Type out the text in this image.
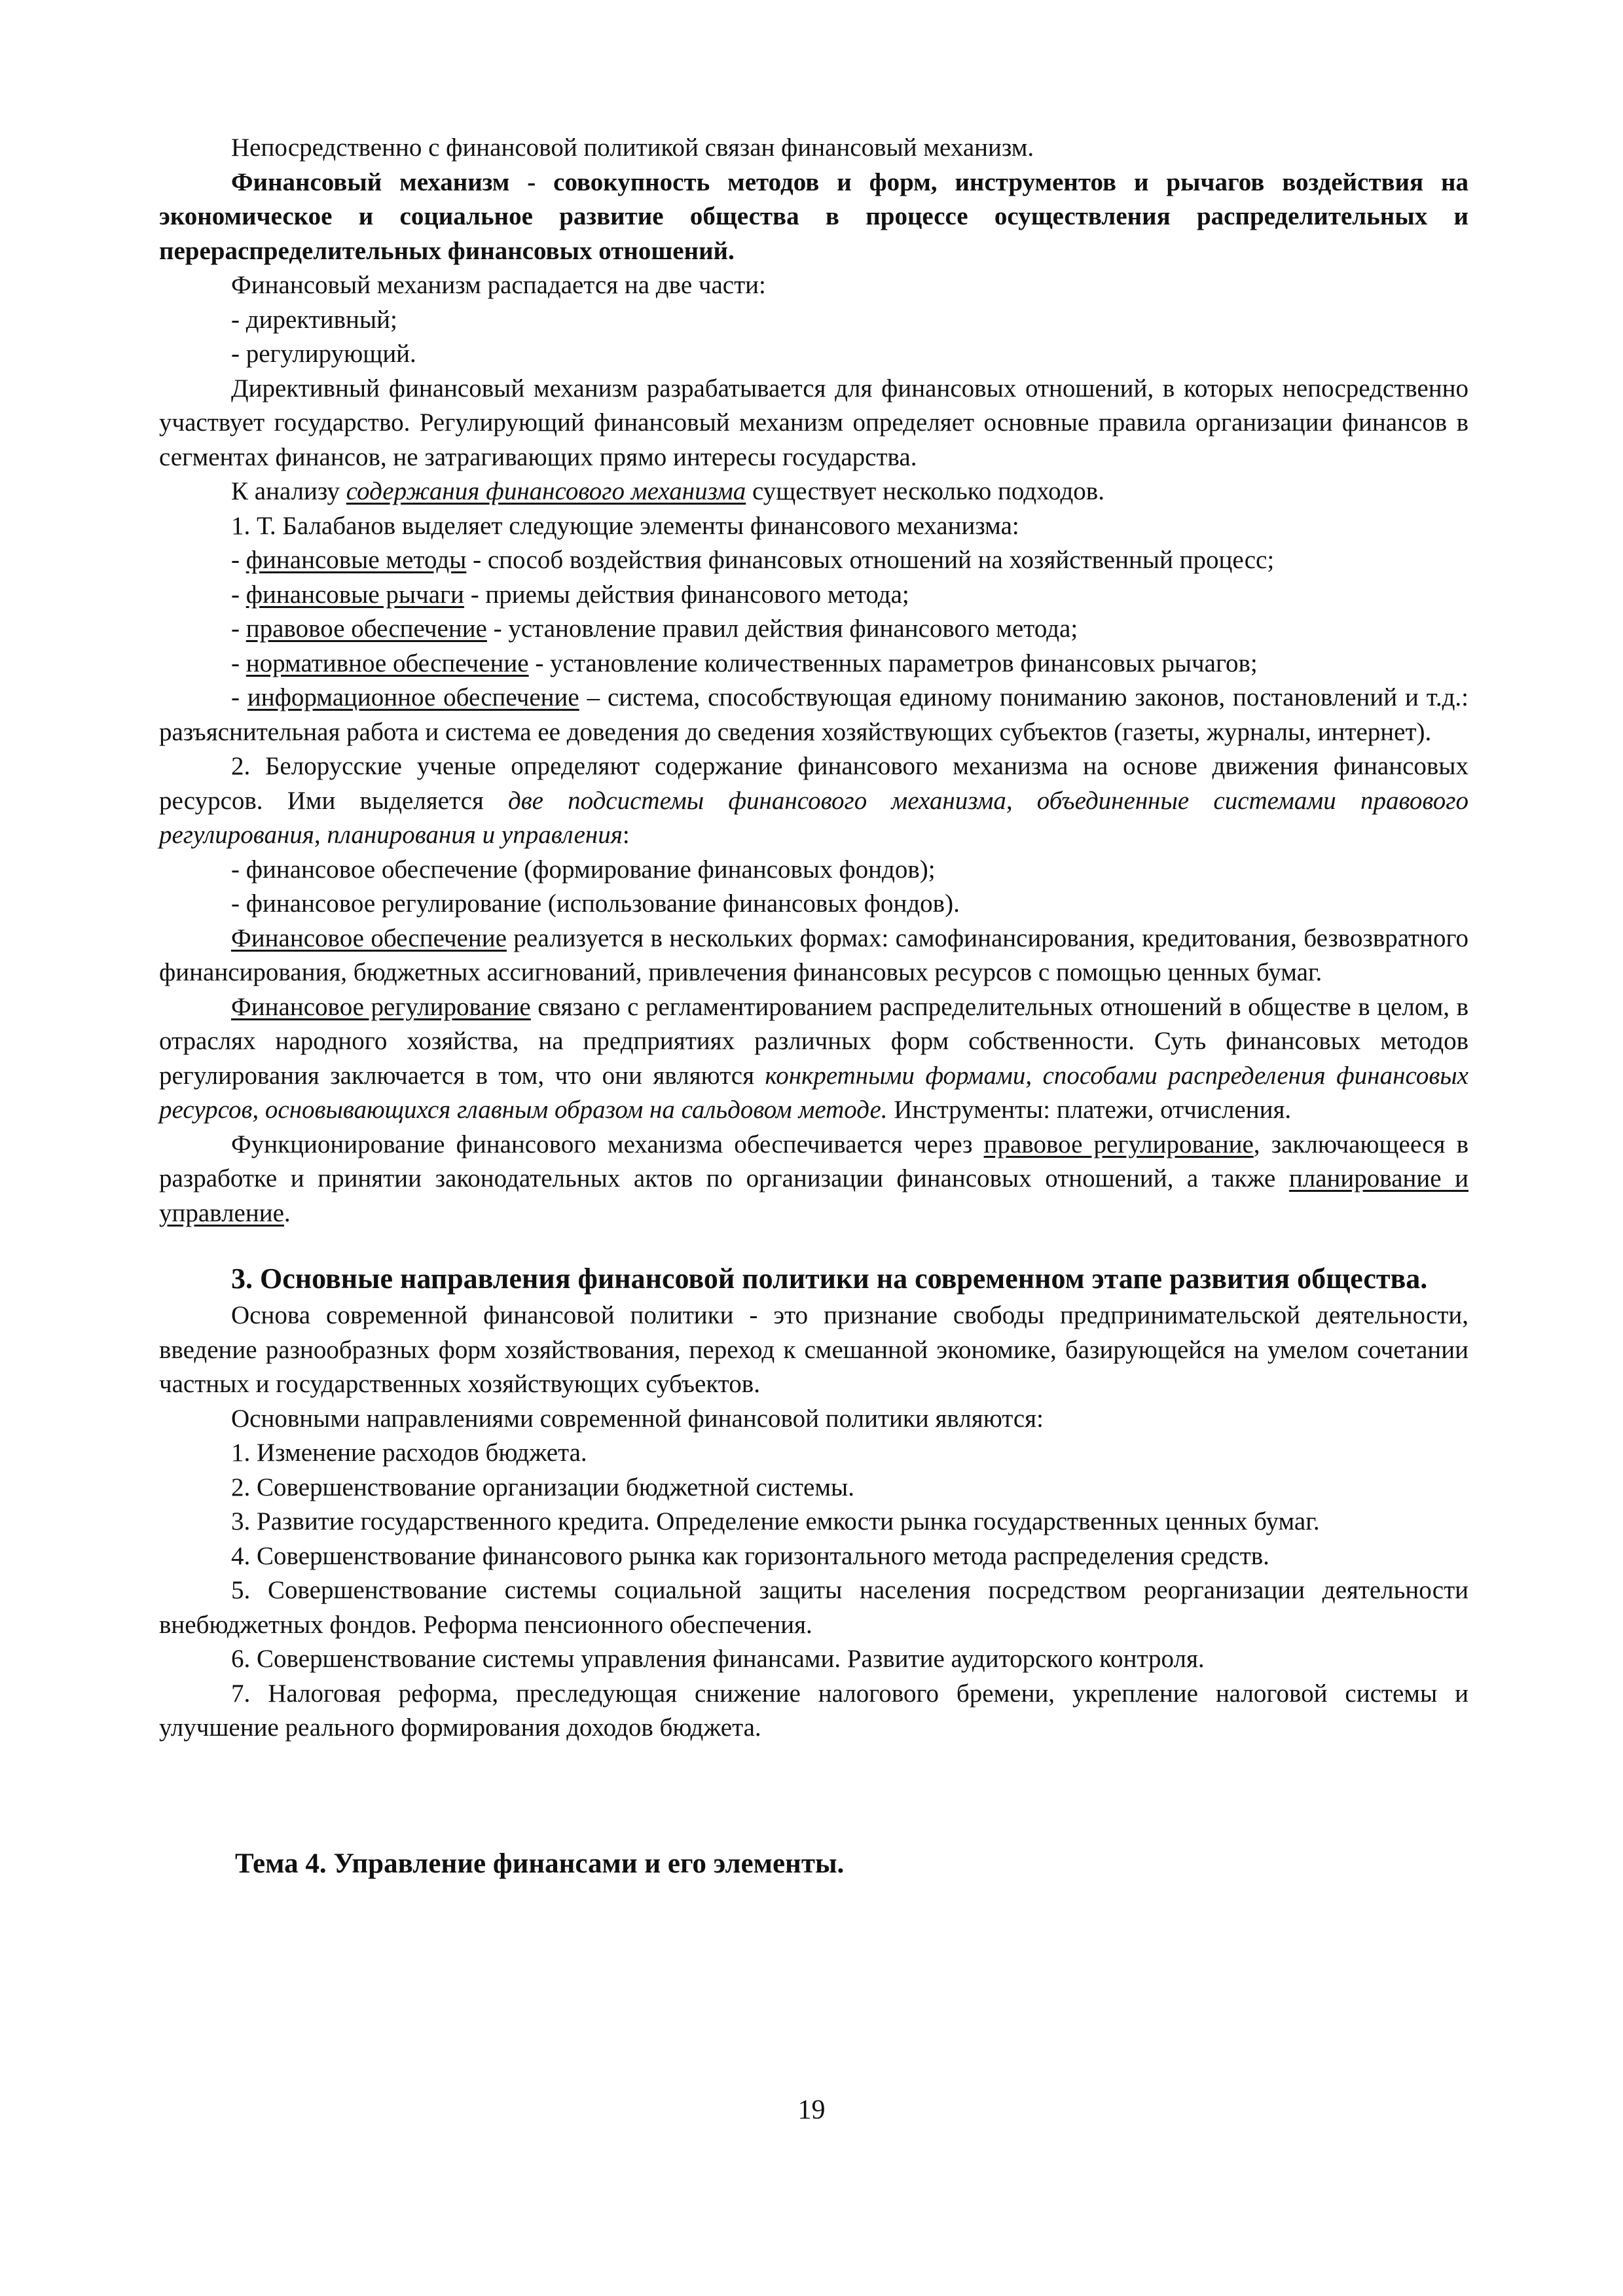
Непосредственно с финансовой политикой связан финансовый механизм.

Финансовый механизм - совокупность методов и форм, инструментов и рычагов воздействия на экономическое и социальное развитие общества в процессе осуществления распределительных и перераспределительных финансовых отношений.

Финансовый механизм распадается на две части:

- директивный;

- регулирующий.

Директивный финансовый механизм разрабатывается для финансовых отношений, в которых непосредственно участвует государство. Регулирующий финансовый механизм определяет основные правила организации финансов в сегментах финансов, не затрагивающих прямо интересы государства.

К анализу содержания финансового механизма существует несколько подходов.

1. Т. Балабанов выделяет следующие элементы финансового механизма:

- финансовые методы - способ воздействия финансовых отношений на хозяйственный процесс;

- финансовые рычаги - приемы действия финансового метода;

- правовое обеспечение - установление правил действия финансового метода;

- нормативное обеспечение - установление количественных параметров финансовых рычагов;

- информационное обеспечение – система, способствующая единому пониманию законов, постановлений и т.д.: разъяснительная работа и система ее доведения до сведения хозяйствующих субъектов (газеты, журналы, интернет).

2. Белорусские ученые определяют содержание финансового механизма на основе движения финансовых ресурсов. Ими выделяется две подсистемы финансового механизма, объединенные системами правового регулирования, планирования и управления:

- финансовое обеспечение (формирование финансовых фондов);

- финансовое регулирование (использование финансовых фондов).

Финансовое обеспечение реализуется в нескольких формах: самофинансирования, кредитования, безвозвратного финансирования, бюджетных ассигнований, привлечения финансовых ресурсов с помощью ценных бумаг.

Финансовое регулирование связано с регламентированием распределительных отношений в обществе в целом, в отраслях народного хозяйства, на предприятиях различных форм собственности. Суть финансовых методов регулирования заключается в том, что они являются конкретными формами, способами распределения финансовых ресурсов, основывающихся главным образом на сальдовом методе. Инструменты: платежи, отчисления.

Функционирование финансового механизма обеспечивается через правовое регулирование, заключающееся в разработке и принятии законодательных актов по организации финансовых отношений, а также планирование и управление.

3. Основные направления финансовой политики на современном этапе развития общества.

Основа современной финансовой политики - это признание свободы предпринимательской деятельности, введение разнообразных форм хозяйствования, переход к смешанной экономике, базирующейся на умелом сочетании частных и государственных хозяйствующих субъектов.

Основными направлениями современной финансовой политики являются:

1. Изменение расходов бюджета.

2. Совершенствование организации бюджетной системы.

3. Развитие государственного кредита. Определение емкости рынка государственных ценных бумаг.

4. Совершенствование финансового рынка как горизонтального метода распределения средств.

5. Совершенствование системы социальной защиты населения посредством реорганизации деятельности внебюджетных фондов. Реформа пенсионного обеспечения.

6. Совершенствование системы управления финансами. Развитие аудиторского контроля.

7. Налоговая реформа, преследующая снижение налогового бремени, укрепление налоговой системы и улучшение реального формирования доходов бюджета.

Тема 4. Управление финансами и его элементы.

19
